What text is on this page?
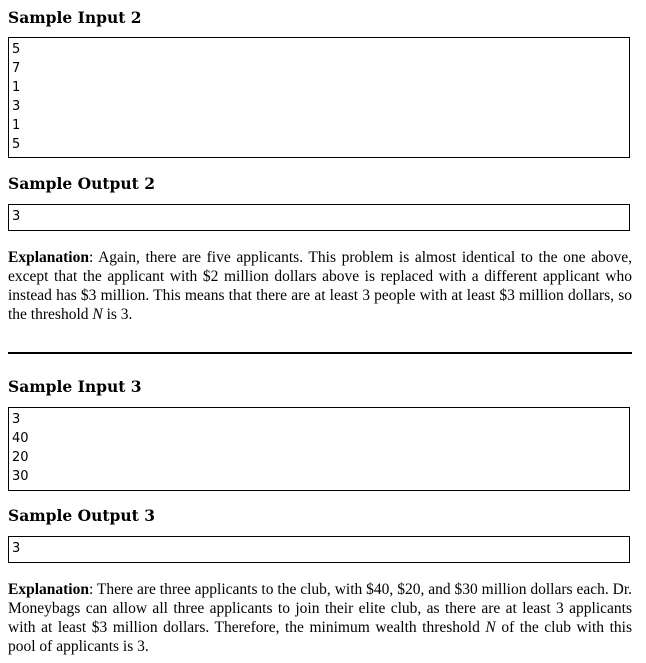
Sample Input 2
5
7
1
3
1
5
Sample Output 2
3
Explanation: Again, there are five applicants. This problem is almost identical to the one above, except that the applicant with $2 million dollars above is replaced with a different applicant who instead has $3 million. This means that there are at least 3 people with at least $3 million dollars, so the threshold N is 3.
Sample Input 3
3
40
20
30
Sample Output 3
3
Explanation: There are three applicants to the club, with $40, $20, and $30 million dollars each. Dr. Moneybags can allow all three applicants to join their elite club, as there are at least 3 applicants with at least $3 million dollars. Therefore, the minimum wealth threshold N of the club with this pool of applicants is 3.
